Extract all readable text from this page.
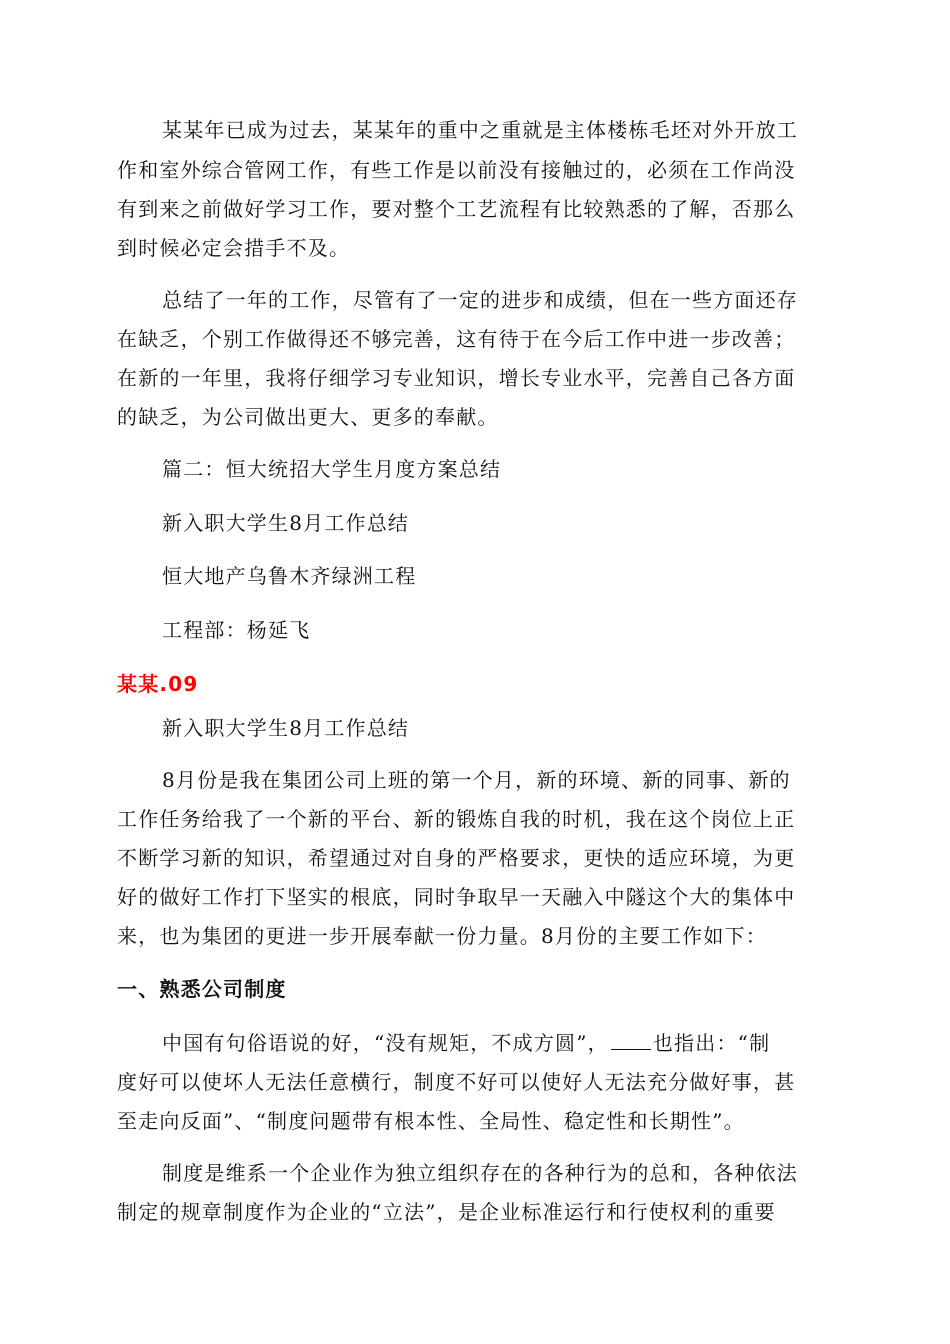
某某年已成为过去，某某年的重中之重就是主体楼栋毛坯对外开放工
作和室外综合管网工作，有些工作是以前没有接触过的，必须在工作尚没
有到来之前做好学习工作，要对整个工艺流程有比较熟悉的了解，否那么
到时候必定会措手不及。
总结了一年的工作，尽管有了一定的进步和成绩，但在一些方面还存
在缺乏，个别工作做得还不够完善，这有待于在今后工作中进一步改善；
在新的一年里，我将仔细学习专业知识，增长专业水平，完善自己各方面
的缺乏，为公司做出更大、更多的奉献。
篇二：恒大统招大学生月度方案总结
新入职大学生8月工作总结
恒大地产乌鲁木齐绿洲工程
工程部：杨延飞
某某.09
新入职大学生8月工作总结
8月份是我在集团公司上班的第一个月，新的环境、新的同事、新的
工作任务给我了一个新的平台、新的锻炼自我的时机，我在这个岗位上正
不断学习新的知识，希望通过对自身的严格要求，更快的适应环境，为更
好的做好工作打下坚实的根底，同时争取早一天融入中隧这个大的集体中
来，也为集团的更进一步开展奉献一份力量。8月份的主要工作如下：
一、熟悉公司制度
中国有句俗语说的好，“没有规矩，不成方圆”， 也指出：“制
度好可以使坏人无法任意横行，制度不好可以使好人无法充分做好事，甚
至走向反面”、“制度问题带有根本性、全局性、稳定性和长期性”。
制度是维系一个企业作为独立组织存在的各种行为的总和，各种依法
制定的规章制度作为企业的“立法”，是企业标准运行和行使权利的重要
